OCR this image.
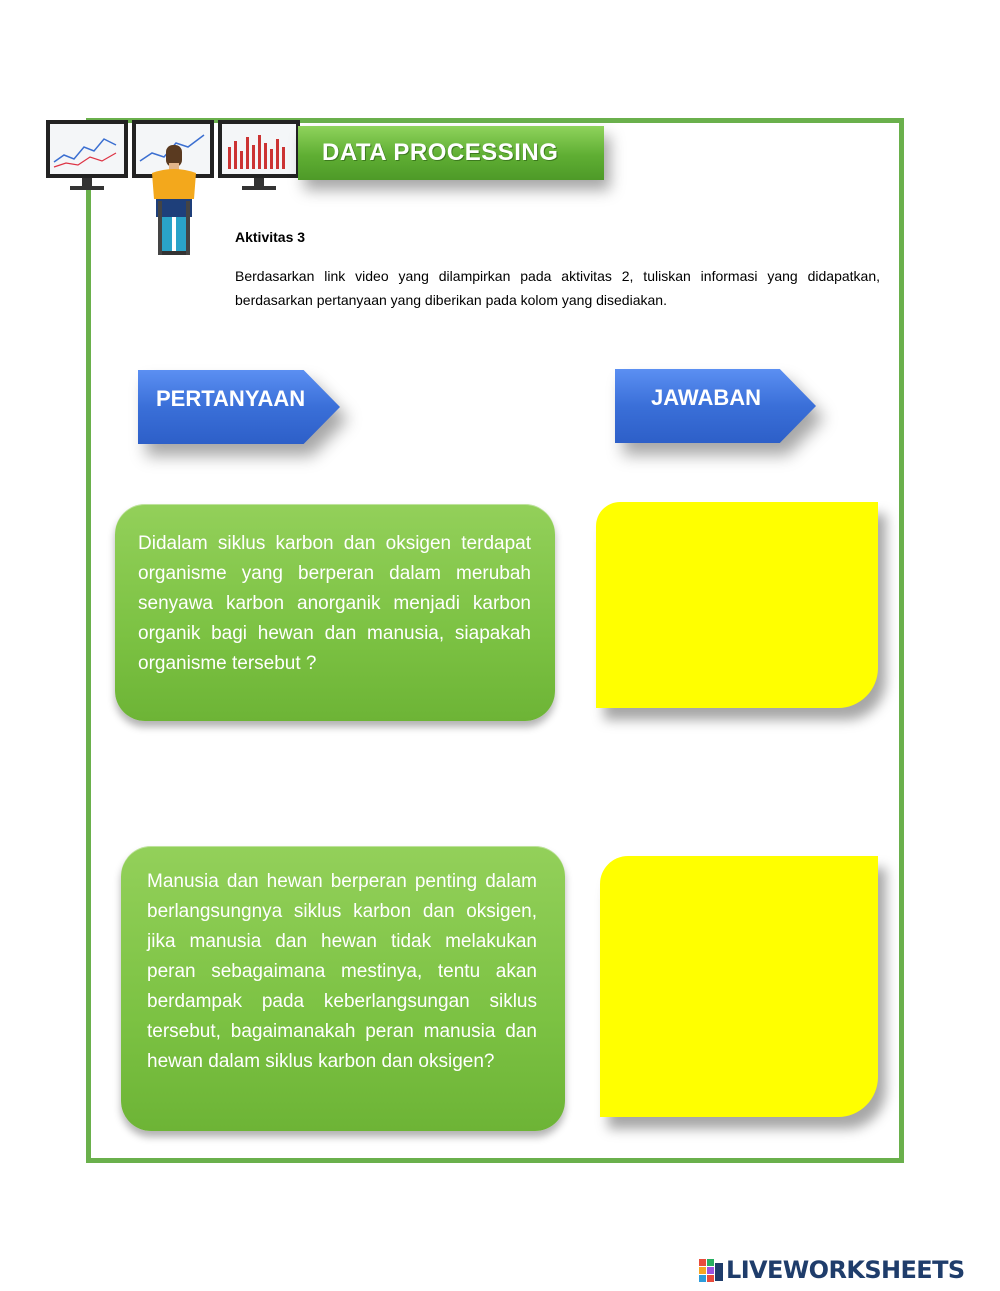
DATA PROCESSING
Aktivitas 3
Berdasarkan link video yang dilampirkan pada aktivitas 2, tuliskan informasi yang didapatkan, berdasarkan pertanyaan yang diberikan pada kolom yang disediakan.
PERTANYAAN	JAWABAN
Didalam siklus karbon dan oksigen terdapat organisme yang berperan dalam merubah senyawa karbon anorganik menjadi karbon organik bagi hewan dan manusia, siapakah organisme tersebut ?
Manusia dan hewan berperan penting dalam berlangsungnya siklus karbon dan oksigen, jika manusia dan hewan tidak melakukan peran sebagaimana mestinya, tentu akan berdampak pada keberlangsungan siklus tersebut, bagaimanakah peran manusia dan hewan dalam siklus karbon dan oksigen?
LIVEWORKSHEETS
